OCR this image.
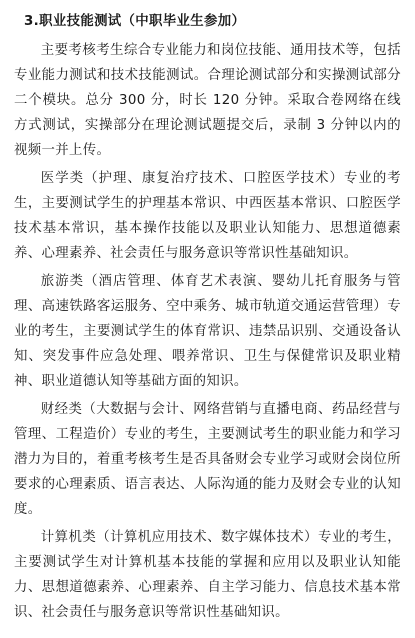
3.职业技能测试（中职毕业生参加）

主要考核考生综合专业能力和岗位技能、通用技术等，包括专业能力测试和技术技能测试。合理论测试部分和实操测试部分二个模块。总分 300 分，时长 120 分钟。采取合卷网络在线方式测试，实操部分在理论测试题提交后，录制 3 分钟以内的视频一并上传。

医学类（护理、康复治疗技术、口腔医学技术）专业的考生，主要测试学生的护理基本常识、中西医基本常识、口腔医学技术基本常识，基本操作技能以及职业认知能力、思想道德素养、心理素养、社会责任与服务意识等常识性基础知识。

旅游类（酒店管理、体育艺术表演、婴幼儿托育服务与管理、高速铁路客运服务、空中乘务、城市轨道交通运营管理）专业的考生，主要测试学生的体育常识、违禁品识别、交通设备认知、突发事件应急处理、喂养常识、卫生与保健常识及职业精神、职业道德认知等基础方面的知识。

财经类（大数据与会计、网络营销与直播电商、药品经营与管理、工程造价）专业的考生，主要测试考生的职业能力和学习潜力为目的，着重考核考生是否具备财会专业学习或财会岗位所要求的心理素质、语言表达、人际沟通的能力及财会专业的认知度。

计算机类（计算机应用技术、数字媒体技术）专业的考生，主要测试学生对计算机基本技能的掌握和应用以及职业认知能力、思想道德素养、心理素养、自主学习能力、信息技术基本常识、社会责任与服务意识等常识性基础知识。
